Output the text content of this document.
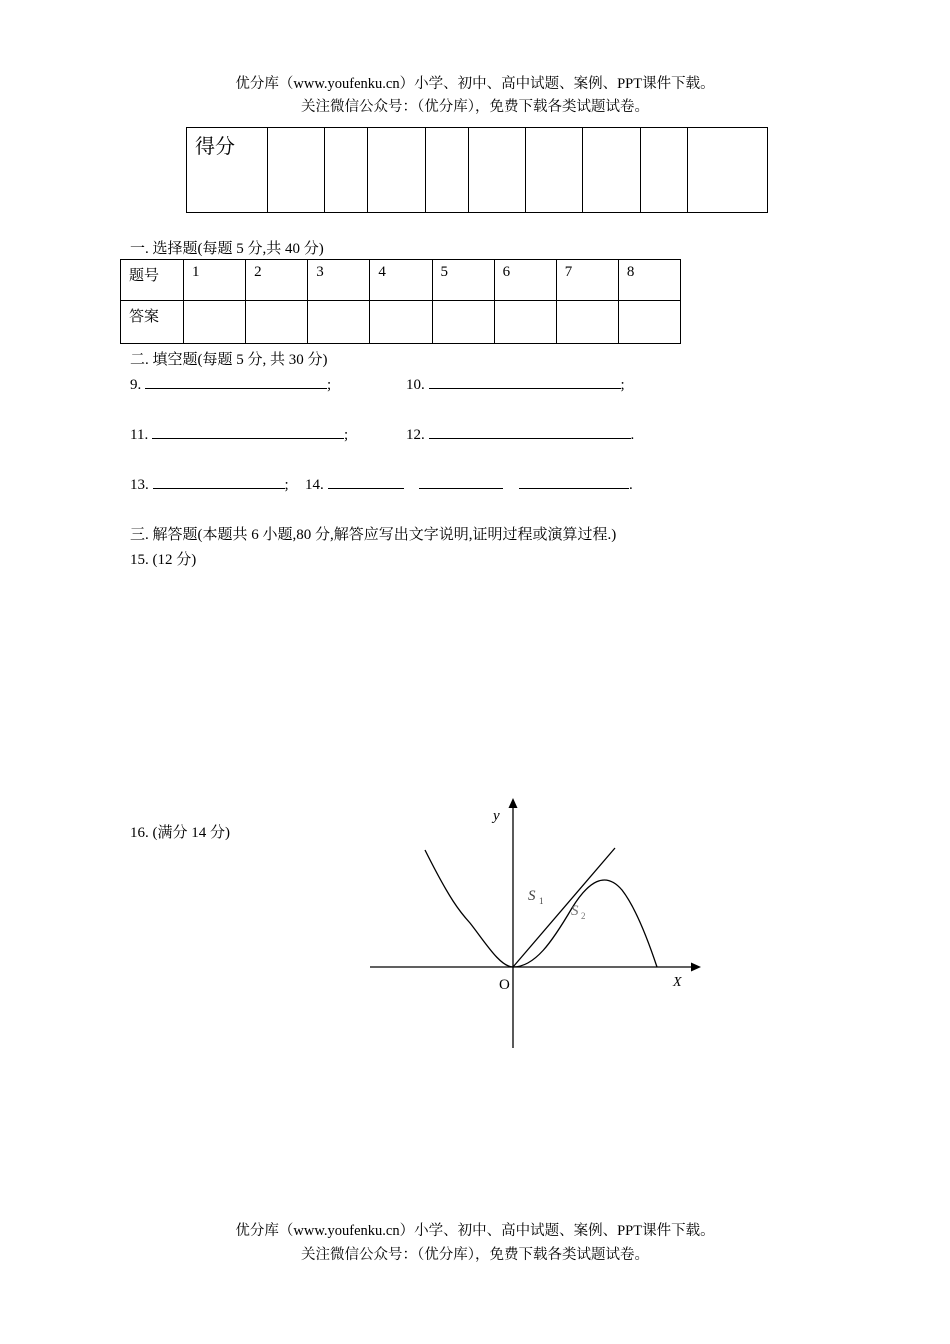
优分库（www.youfenku.cn）小学、初中、高中试题、案例、PPT课件下载。
关注微信公众号：（优分库），免费下载各类试题试卷。
得分									
一. 选择题(每题 5 分,共 40 分)
题号	1	2	3	4	5	6	7	8
答案								
二. 填空题(每题 5 分, 共 30 分)
9.	;	10.	;
11.	;	12.	.
13.	; 14.	.
三. 解答题(本题共 6 小题,80 分,解答应写出文字说明,证明过程或演算过程.)
15. (12 分)
16. (满分 14 分)
y
X
O
S 1
S 2
优分库（www.youfenku.cn）小学、初中、高中试题、案例、PPT课件下载。
关注微信公众号：（优分库），免费下载各类试题试卷。
